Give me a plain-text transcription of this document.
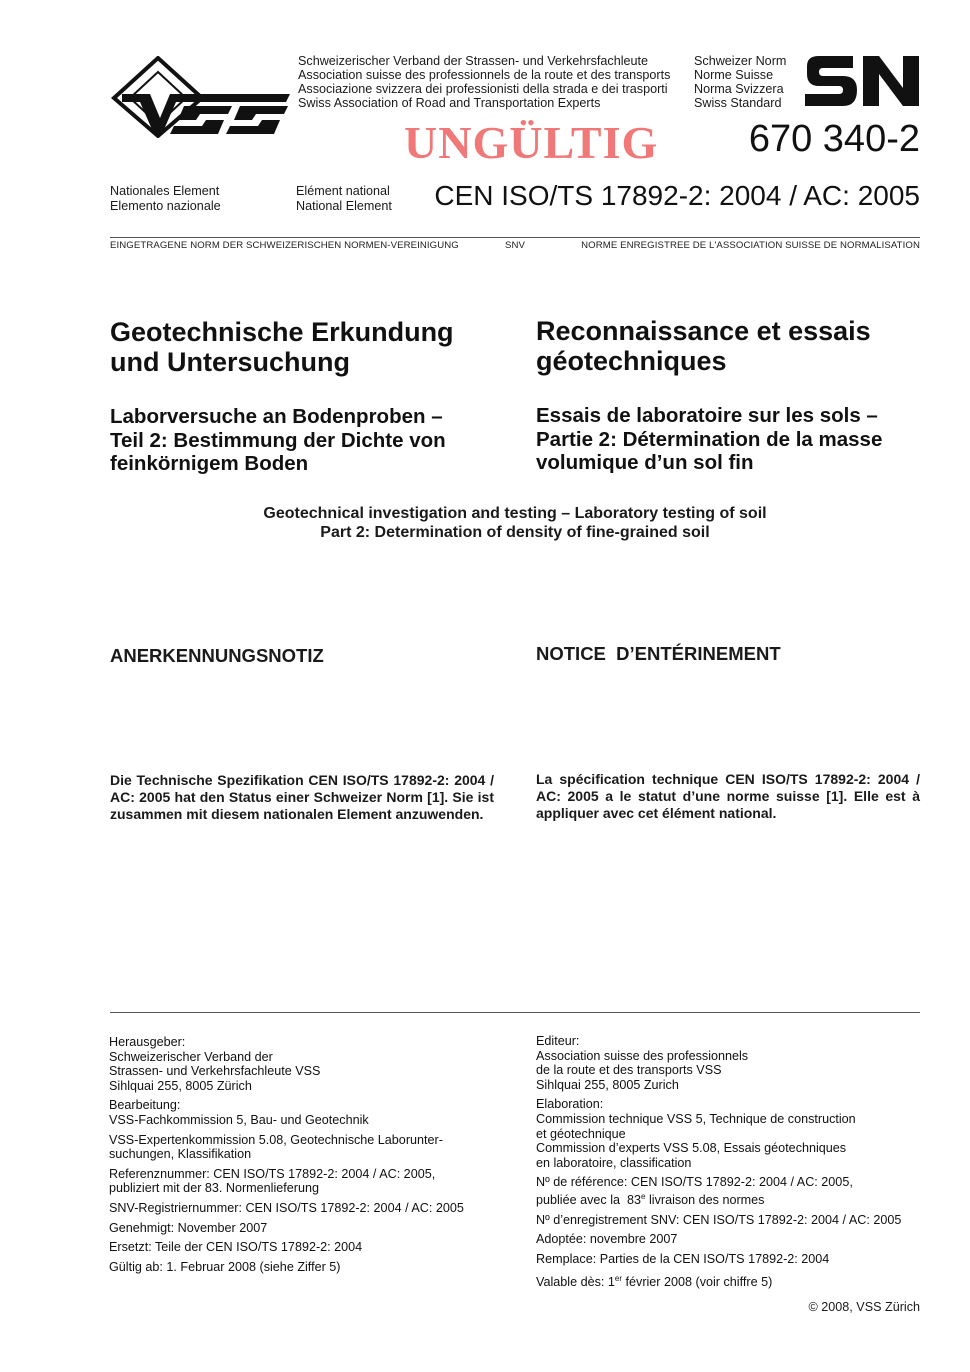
Schweizerischer Verband der Strassen- und Verkehrsfachleute
Association suisse des professionnels de la route et des transports
Associazione svizzera dei professionisti della strada e dei trasporti
Swiss Association of Road and Transportation Experts
Schweizer Norm
Norme Suisse
Norma Svizzera
Swiss Standard
UNGÜLTIG 670 340-2
Nationales Element
Elemento nazionale
Elément national
National Element CEN ISO/TS 17892-2: 2004 / AC: 2005
EINGETRAGENE NORM DER SCHWEIZERISCHEN NORMEN-VEREINIGUNG	SNV	NORME ENREGISTREE DE L'ASSOCIATION SUISSE DE NORMALISATION
Geotechnische Erkundung
und Untersuchung
Reconnaissance et essais
géotechniques
Laborversuche an Bodenproben –
Teil 2: Bestimmung der Dichte von
feinkörnigem Boden
Essais de laboratoire sur les sols –
Partie 2: Détermination de la masse
volumique d’un sol fin
Geotechnical investigation and testing – Laboratory testing of soil
Part 2: Determination of density of fine-grained soil
ANERKENNUNGSNOTIZ	NOTICE  D’ENTÉRINEMENT
Die Technische Spezifikation CEN ISO/TS 17892-2: 2004 / AC: 2005 hat den Status einer Schweizer Norm [1]. Sie ist zusammen mit diesem nationalen Element anzuwenden.
La spécification technique CEN ISO/TS 17892-2: 2004 / AC: 2005 a le statut d’une norme suisse [1]. Elle est à appliquer avec cet élément national.
Herausgeber:
Schweizerischer Verband der
Strassen- und Verkehrsfachleute VSS
Sihlquai 255, 8005 Zürich
Bearbeitung:
VSS-Fachkommission 5, Bau- und Geotechnik
VSS-Expertenkommission 5.08, Geotechnische Laborunter-
suchungen, Klassifikation
Referenznummer: CEN ISO/TS 17892-2: 2004 / AC: 2005,
publiziert mit der 83. Normenlieferung
SNV-Registriernummer: CEN ISO/TS 17892-2: 2004 / AC: 2005
Genehmigt: November 2007
Ersetzt: Teile der CEN ISO/TS 17892-2: 2004
Gültig ab: 1. Februar 2008 (siehe Ziffer 5)
Editeur:
Association suisse des professionnels
de la route et des transports VSS
Sihlquai 255, 8005 Zurich
Elaboration:
Commission technique VSS 5, Technique de construction
et géotechnique
Commission d’experts VSS 5.08, Essais géotechniques
en laboratoire, classification
Nº de référence: CEN ISO/TS 17892-2: 2004 / AC: 2005,
publiée avec la  83e livraison des normes
Nº d’enregistrement SNV: CEN ISO/TS 17892-2: 2004 / AC: 2005
Adoptée: novembre 2007
Remplace: Parties de la CEN ISO/TS 17892-2: 2004
Valable dès: 1er février 2008 (voir chiffre 5)
© 2008, VSS Zürich
